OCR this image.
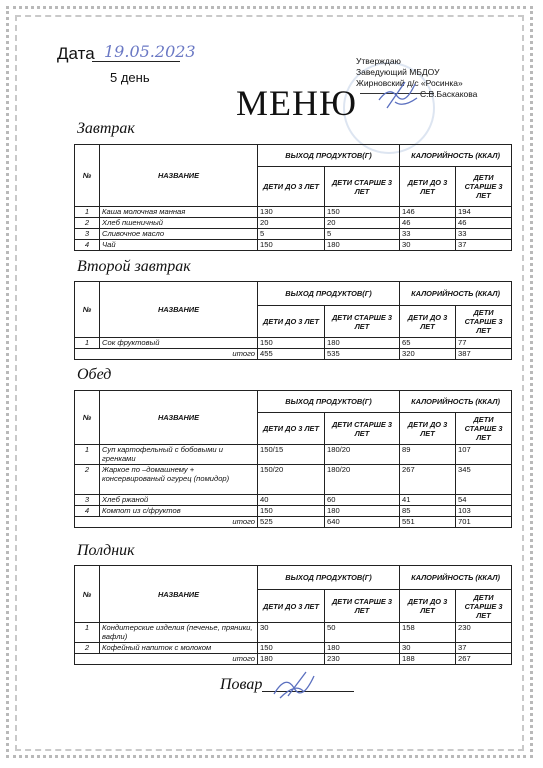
Дата 19.05.2023
5 день
Утверждаю
Заведующий МБДОУ
Жирновский д/с «Росинка»
С.В.Баскакова
МЕНЮ
Завтрак
№	НАЗВАНИЕ	ВЫХОД ПРОДУКТОВ(Г)		КАЛОРИЙНОСТЬ (ККАЛ)	
		ДЕТИ ДО 3 ЛЕТ	ДЕТИ СТАРШЕ 3 ЛЕТ	ДЕТИ ДО 3 ЛЕТ	ДЕТИ СТАРШЕ 3 ЛЕТ
1	Каша молочная манная	130	150	146	194
2	Хлеб пшеничный	20	20	46	46
3	Сливочное масло	5	5	33	33
4	Чай	150	180	30	37
Второй завтрак
№	НАЗВАНИЕ	ВЫХОД ПРОДУКТОВ(Г)		КАЛОРИЙНОСТЬ (ККАЛ)	
		ДЕТИ ДО 3 ЛЕТ	ДЕТИ СТАРШЕ 3 ЛЕТ	ДЕТИ ДО 3 ЛЕТ	ДЕТИ СТАРШЕ 3 ЛЕТ
1	Сок фруктовый	150	180	65	77
итого		455	535	320	387
Обед
№	НАЗВАНИЕ	ВЫХОД ПРОДУКТОВ(Г)		КАЛОРИЙНОСТЬ (ККАЛ)	
		ДЕТИ ДО 3 ЛЕТ	ДЕТИ СТАРШЕ 3 ЛЕТ	ДЕТИ ДО 3 ЛЕТ	ДЕТИ СТАРШЕ 3 ЛЕТ
1	Суп картофельный с бобовыми и гренками	150/15	180/20	89	107
2	Жаркое по –домашнему + консервированый огурец (помидор)	150/20	180/20	267	345
3	Хлеб ржаной	40	60	41	54
4	Компот из с/фруктов	150	180	85	103
итого		525	640	551	701
Полдник
№	НАЗВАНИЕ	ВЫХОД ПРОДУКТОВ(Г)		КАЛОРИЙНОСТЬ (ККАЛ)	
		ДЕТИ ДО 3 ЛЕТ	ДЕТИ СТАРШЕ 3 ЛЕТ	ДЕТИ ДО 3 ЛЕТ	ДЕТИ СТАРШЕ 3 ЛЕТ
1	Кондитерские изделия (печенье, пряники, вафли)	30	50	158	230
2	Кофейный напиток с молоком	150	180	30	37
итого		180	230	188	267
Повар
